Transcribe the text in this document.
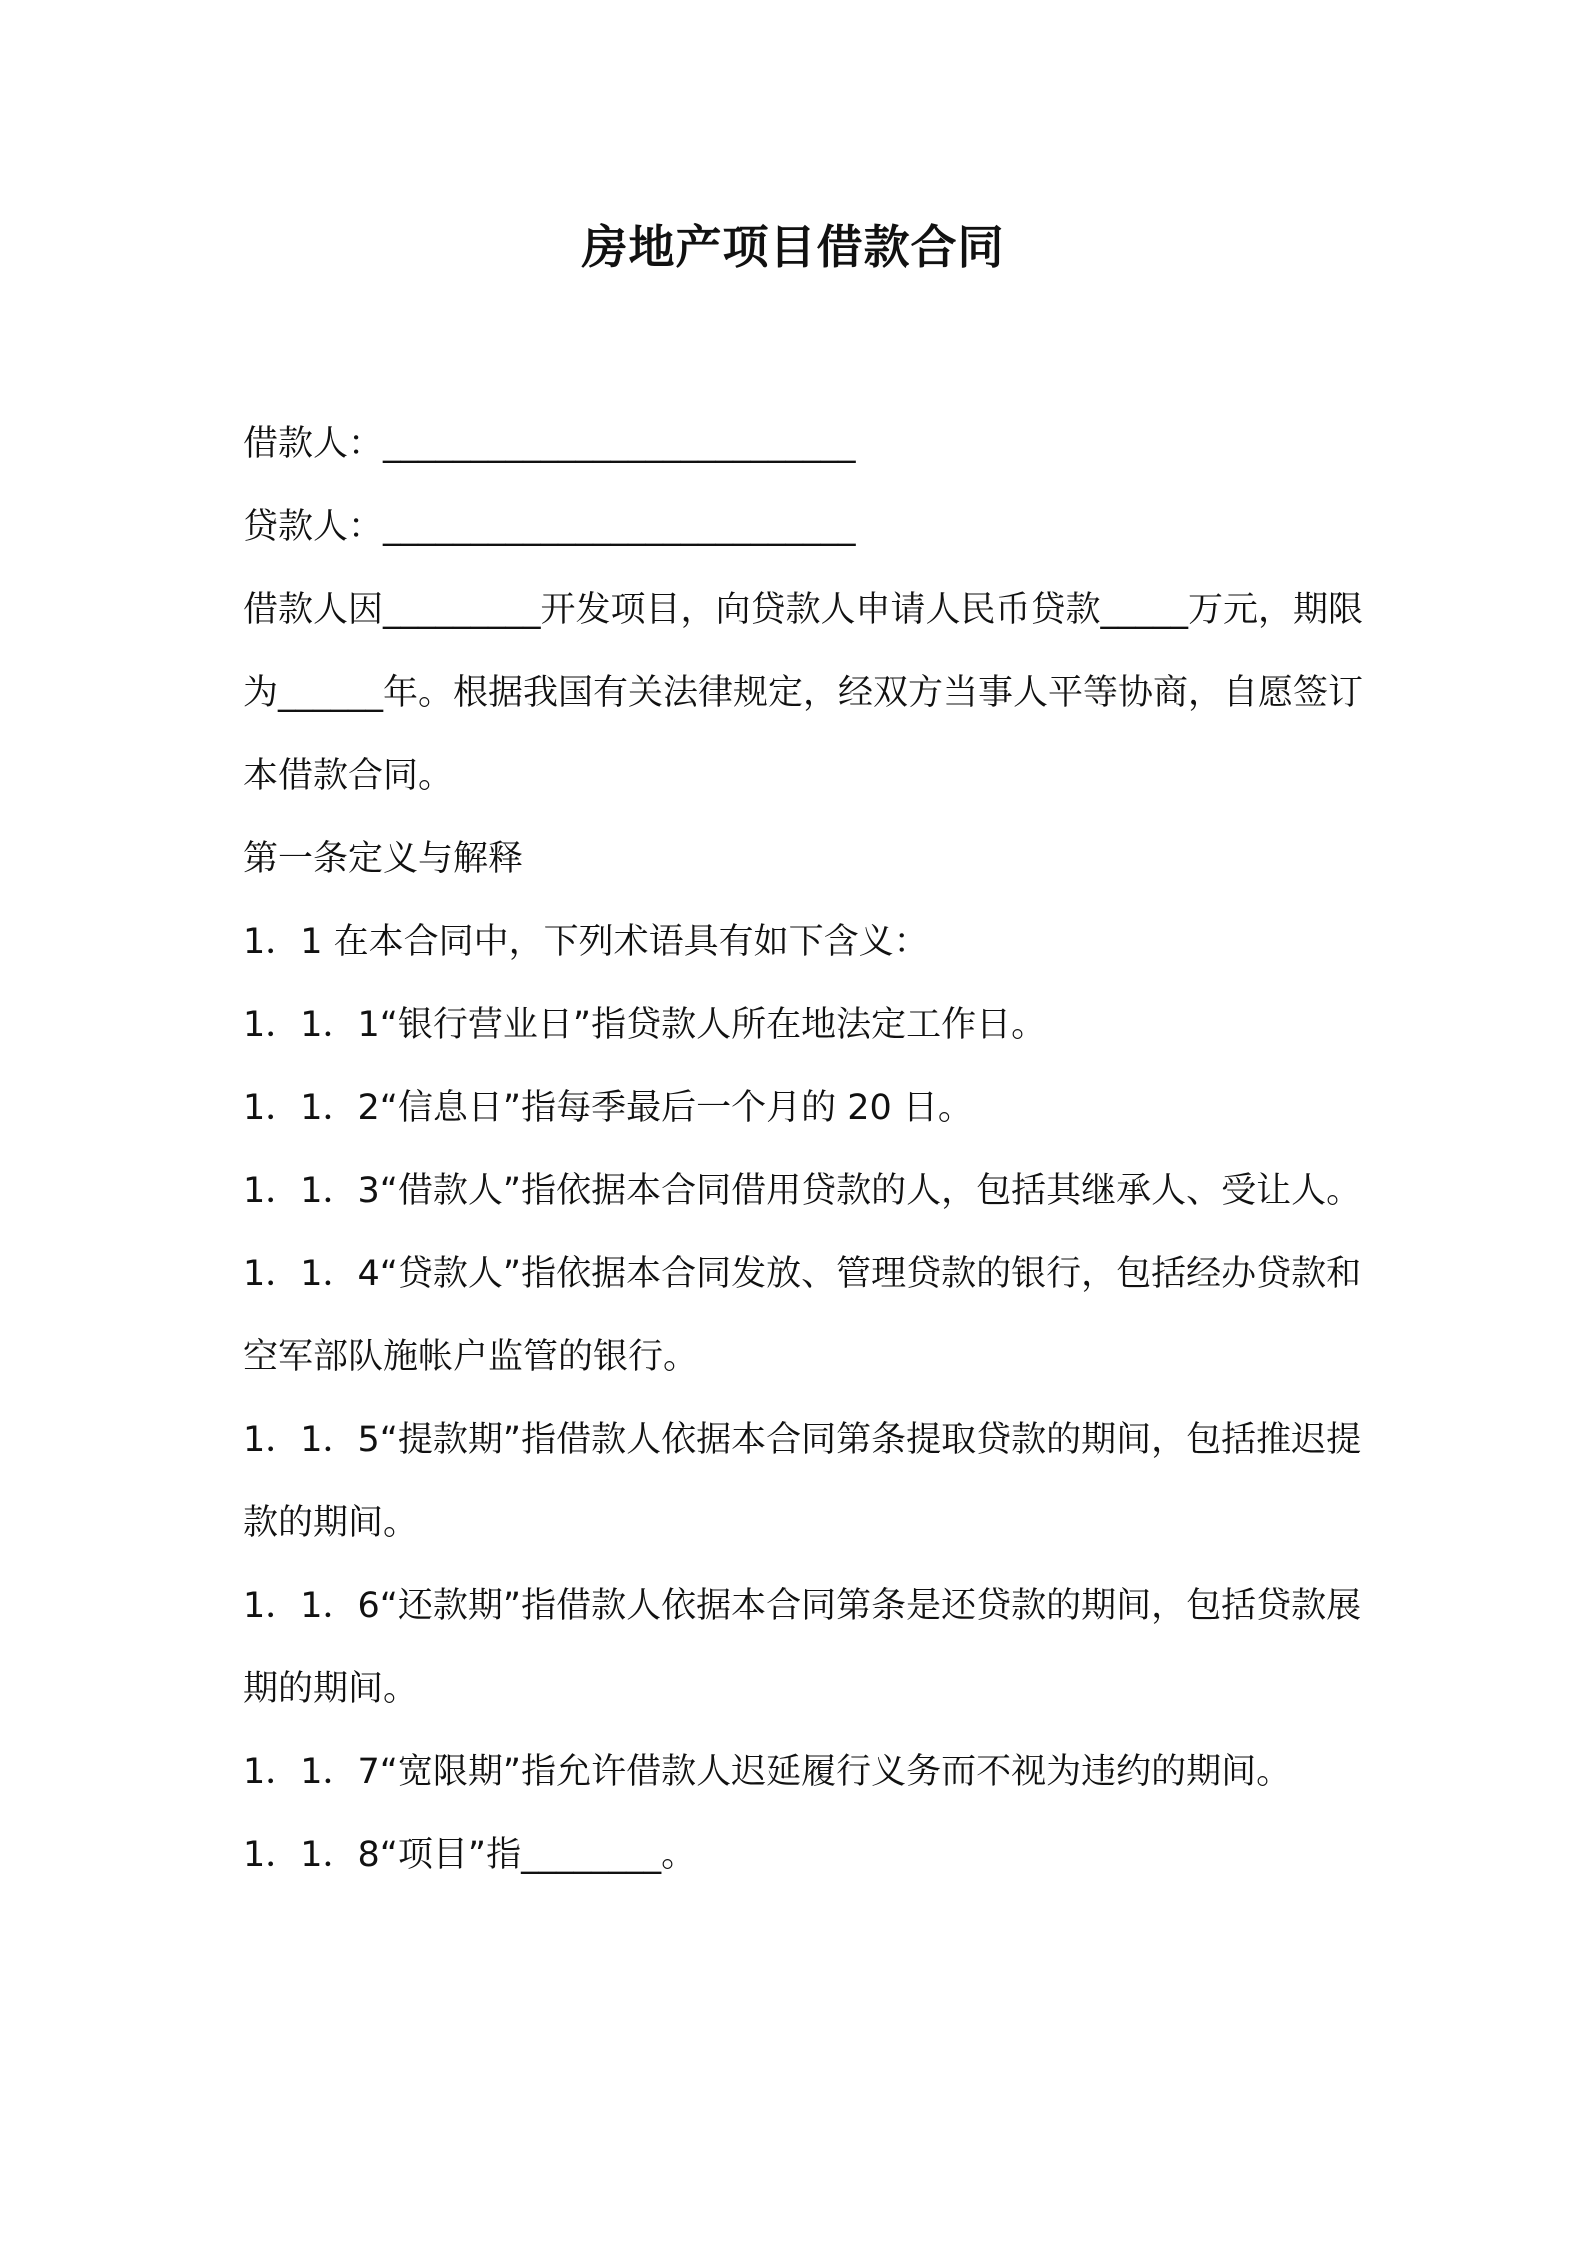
房地产项目借款合同

借款人：___________________________

贷款人：___________________________

借款人因_________开发项目，向贷款人申请人民币贷款_____万元，期限为______年。根据我国有关法律规定，经双方当事人平等协商，自愿签订本借款合同。

第一条定义与解释

1．1 在本合同中，下列术语具有如下含义：

1．1．1“银行营业日”指贷款人所在地法定工作日。

1．1．2“信息日”指每季最后一个月的 20 日。

1．1．3“借款人”指依据本合同借用贷款的人，包括其继承人、受让人。

1．1．4“贷款人”指依据本合同发放、管理贷款的银行，包括经办贷款和空军部队施帐户监管的银行。

1．1．5“提款期”指借款人依据本合同第条提取贷款的期间，包括推迟提款的期间。

1．1．6“还款期”指借款人依据本合同第条是还贷款的期间，包括贷款展期的期间。

1．1．7“宽限期”指允许借款人迟延履行义务而不视为违约的期间。

1．1．8“项目”指________。
